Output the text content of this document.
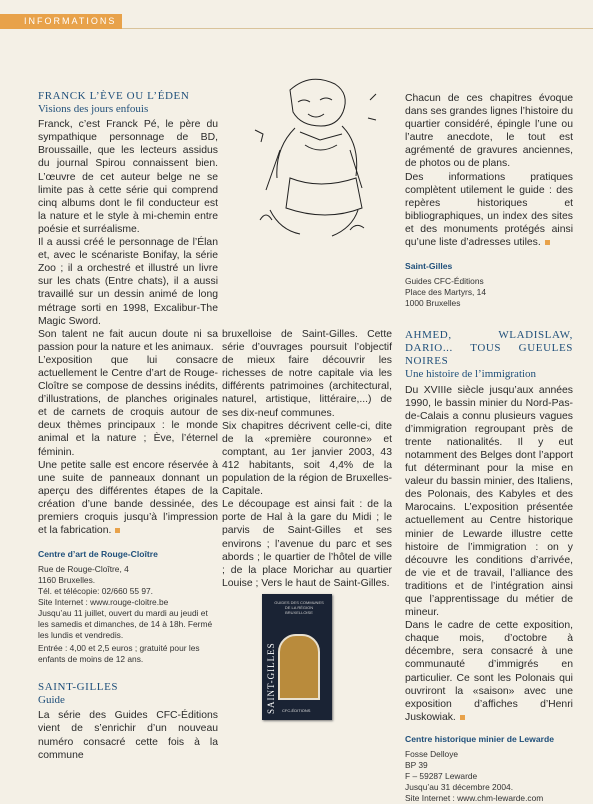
INFORMATIONS
FRANCK L’ÈVE OU L’ÉDEN
Visions des jours enfouis

Franck, c’est Franck Pé, le père du sympathique personnage de BD, Broussaille, que les lecteurs assidus du journal Spirou connaissent bien. L’œuvre de cet auteur belge ne se limite pas à cette série qui comprend cinq albums dont le fil conducteur est la nature et le style à mi-chemin entre poésie et surréalisme.

Il a aussi créé le personnage de l’Élan et, avec le scénariste Bonifay, la série Zoo ; il a orchestré et illustré un livre sur les chats (Entre chats), il a aussi travaillé sur un dessin animé de long métrage sorti en 1998, Excalibur-The Magic Sword.

Son talent ne fait aucun doute ni sa passion pour la nature et les animaux.

L’exposition que lui consacre actuellement le Centre d’art de Rouge-Cloître se compose de dessins inédits, d’illustrations, de planches originales et de carnets de croquis autour de deux thèmes principaux : le monde animal et la nature ; Ève, l’éternel féminin.

Une petite salle est encore réservée à une suite de panneaux donnant un aperçu des différentes étapes de la création d’une bande dessinée, des premiers croquis jusqu’à l’impression et la fabrication.

Centre d’art de Rouge-Cloître
Rue de Rouge-Cloître, 4
1160 Bruxelles.
Tél. et télécopie: 02/660 55 97.
Site Internet : www.rouge-cloitre.be
Jusqu’au 11 juillet, ouvert du mardi au jeudi et les samedis et dimanches, de 14 à 18h. Fermé les lundis et vendredis.
Entrée : 4,00 et 2,5 euros ; gratuité pour les enfants de moins de 12 ans.
SAINT-GILLES
Guide

La série des Guides CFC-Éditions vient de s’enrichir d’un nouveau numéro consacré cette fois à la commune

bruxelloise de Saint-Gilles. Cette série d’ouvrages poursuit l’objectif de mieux faire découvrir les richesses de notre capitale via les différents patrimoines (architectural, naturel, artistique, littéraire,...) de ses dix-neuf communes.

Six chapitres décrivent celle-ci, dite de la «première couronne» et comptant, au 1er janvier 2003, 43 412 habitants, soit 4,4% de la population de la région de Bruxelles-Capitale.

Le découpage est ainsi fait : de la porte de Hal à la gare du Midi ; le parvis de Saint-Gilles et ses environs ; l’avenue du parc et ses abords ; le quartier de l’hôtel de ville ; de la place Morichar au quartier Louise ; Vers le haut de Saint-Gilles.

GUIDES DES COMMUNES DE LA RÉGION BRUXELLOISE
SAINT-GILLES CFC-ÉDITIONS

Chacun de ces chapitres évoque dans ses grandes lignes l’histoire du quartier considéré, épingle l’une ou l’autre anecdote, le tout est agrémenté de gravures anciennes, de photos ou de plans.

Des informations pratiques complètent utilement le guide : des repères historiques et bibliographiques, un index des sites et des monuments protégés ainsi qu’une liste d’adresses utiles.

Saint-Gilles
Guides CFC-Éditions
Place des Martyrs, 14
1000 Bruxelles
AHMED, WLADISLAW, DARIO... TOUS GUEULES NOIRES
Une histoire de l’immigration

Du XVIIIe siècle jusqu’aux années 1990, le bassin minier du Nord-Pas-de-Calais a connu plusieurs vagues d’immigration regroupant près de trente nationalités. Il y eut notamment des Belges dont l’apport fut déterminant pour la mise en valeur du bassin minier, des Italiens, des Polonais, des Kabyles et des Marocains. L’exposition présentée actuellement au Centre historique minier de Lewarde illustre cette histoire de l’immigration : on y découvre les conditions d’arrivée, de vie et de travail, l’alliance des traditions et de l’intégration ainsi que l’apprentissage du métier de mineur.

Dans le cadre de cette exposition, chaque mois, d’octobre à décembre, sera consacré à une communauté d’immigrés en particulier. Ce sont les Polonais qui ouvriront la «saison» avec une exposition d’affiches d’Henri Juskowiak.

Centre historique minier de Lewarde
Fosse Delloye
BP 39
F – 59287 Lewarde
Jusqu’au 31 décembre 2004.
Site Internet : www.chm-lewarde.com
